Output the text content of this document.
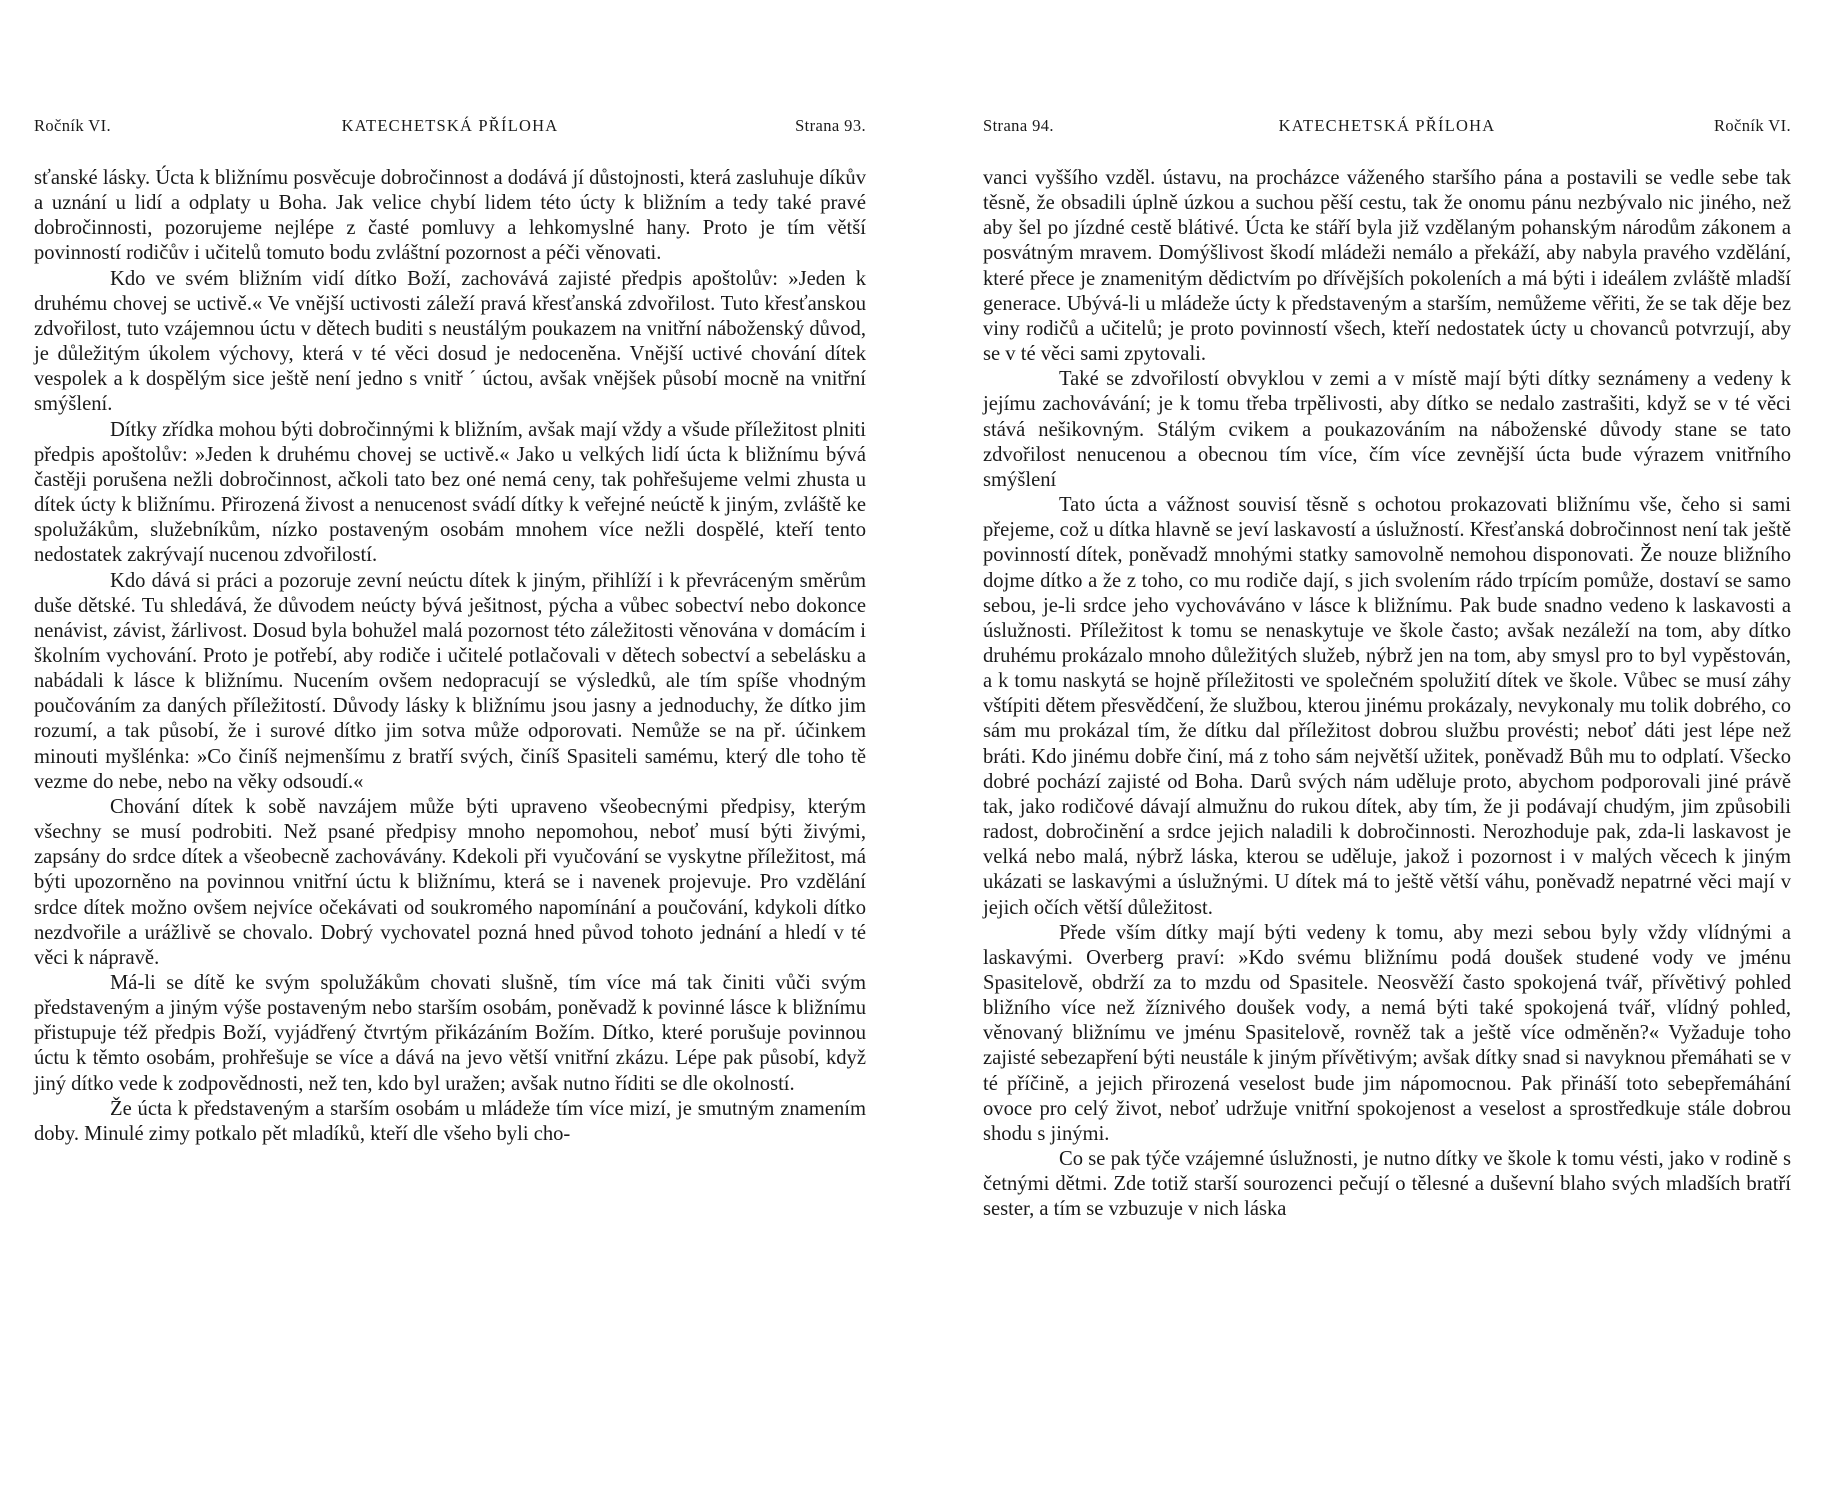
Ročník VI.	KATECHETSKÁ PŘÍLOHA	Strana 93.

sťanské lásky. Úcta k bližnímu posvěcuje dobročinnost a dodává jí důstojnosti, která zasluhuje díkův a uznání u lidí a odplaty u Boha. Jak velice chybí lidem této úcty k bližním a tedy také pravé dobročinnosti, pozorujeme nejlépe z časté pomluvy a lehkomyslné hany. Proto je tím větší povinností rodičův i učitelů tomuto bodu zvláštní pozornost a péči věnovati.

Kdo ve svém bližním vidí dítko Boží, zachovává zajisté předpis apoštolův: »Jeden k druhému chovej se uctivě.« Ve vnější uctivosti záleží pravá křesťanská zdvořilost. Tuto křesťanskou zdvořilost, tuto vzájemnou úctu v dětech buditi s neustálým poukazem na vnitřní náboženský důvod, je důležitým úkolem výchovy, která v té věci dosud je nedoceněna. Vnější uctivé chování dítek vespolek a k dospělým sice ještě není jedno s vnitř ´ úctou, avšak vnějšek působí mocně na vnitřní smýšlení.

Dítky zřídka mohou býti dobročinnými k bližním, avšak mají vždy a všude příležitost plniti předpis apoštolův: »Jeden k druhému chovej se uctivě.« Jako u velkých lidí úcta k bližnímu bývá častěji porušena nežli dobročinnost, ačkoli tato bez oné nemá ceny, tak pohřešujeme velmi zhusta u dítek úcty k bližnímu. Přirozená živost a nenucenost svádí dítky k veřejné neúctě k jiným, zvláště ke spolužákům, služebníkům, nízko postaveným osobám mnohem více nežli dospělé, kteří tento nedostatek zakrývají nucenou zdvořilostí.

Kdo dává si práci a pozoruje zevní neúctu dítek k jiným, přihlíží i k převráceným směrům duše dětské. Tu shledává, že důvodem neúcty bývá ješitnost, pýcha a vůbec sobectví nebo dokonce nenávist, závist, žárlivost. Dosud byla bohužel malá pozornost této záležitosti věnována v domácím i školním vychování. Proto je potřebí, aby rodiče i učitelé potlačovali v dětech sobectví a sebelásku a nabádali k lásce k bližnímu. Nucením ovšem nedopracují se výsledků, ale tím spíše vhodným poučováním za daných příležitostí. Důvody lásky k bližnímu jsou jasny a jednoduchy, že dítko jim rozumí, a tak působí, že i surové dítko jim sotva může odporovati. Nemůže se na př. účinkem minouti myšlénka: »Co činíš nejmenšímu z bratří svých, činíš Spasiteli samému, který dle toho tě vezme do nebe, nebo na věky odsoudí.«

Chování dítek k sobě navzájem může býti upraveno všeobecnými předpisy, kterým všechny se musí podrobiti. Než psané předpisy mnoho nepomohou, neboť musí býti živými, zapsány do srdce dítek a všeobecně zachovávány. Kdekoli při vyučování se vyskytne příležitost, má býti upozorněno na povinnou vnitřní úctu k bližnímu, která se i navenek projevuje. Pro vzdělání srdce dítek možno ovšem nejvíce očekávati od soukromého napomínání a poučování, kdykoli dítko nezdvořile a urážlivě se chovalo. Dobrý vychovatel pozná hned původ tohoto jednání a hledí v té věci k nápravě.

Má-li se dítě ke svým spolužákům chovati slušně, tím více má tak činiti vůči svým představeným a jiným výše postaveným nebo starším osobám, poněvadž k povinné lásce k bližnímu přistupuje též předpis Boží, vyjádřený čtvrtým přikázáním Božím. Dítko, které porušuje povinnou úctu k těmto osobám, prohřešuje se více a dává na jevo větší vnitřní zkázu. Lépe pak působí, když jiný dítko vede k zodpovědnosti, než ten, kdo byl uražen; avšak nutno říditi se dle okolností.

Že úcta k představeným a starším osobám u mládeže tím více mizí, je smutným znamením doby. Minulé zimy potkalo pět mladíků, kteří dle všeho byli cho-

Strana 94.	KATECHETSKÁ PŘÍLOHA	Ročník VI.

vanci vyššího vzděl. ústavu, na procházce váženého staršího pána a postavili se vedle sebe tak těsně, že obsadili úplně úzkou a suchou pěší cestu, tak že onomu pánu nezbývalo nic jiného, než aby šel po jízdné cestě blátivé. Úcta ke stáří byla již vzdělaným pohanským národům zákonem a posvátným mravem. Domýšlivost škodí mládeži nemálo a překáží, aby nabyla pravého vzdělání, které přece je znamenitým dědictvím po dřívějších pokoleních a má býti i ideálem zvláště mladší generace. Ubývá-li u mládeže úcty k představeným a starším, nemůžeme věřiti, že se tak děje bez viny rodičů a učitelů; je proto povinností všech, kteří nedostatek úcty u chovanců potvrzují, aby se v té věci sami zpytovali.

Také se zdvořilostí obvyklou v zemi a v místě mají býti dítky seznámeny a vedeny k jejímu zachovávání; je k tomu třeba trpělivosti, aby dítko se nedalo zastrašiti, když se v té věci stává nešikovným. Stálým cvikem a poukazováním na náboženské důvody stane se tato zdvořilost nenucenou a obecnou tím více, čím více zevnější úcta bude výrazem vnitřního smýšlení

Tato úcta a vážnost souvisí těsně s ochotou prokazovati bližnímu vše, čeho si sami přejeme, což u dítka hlavně se jeví laskavostí a úslužností. Křesťanská dobročinnost není tak ještě povinností dítek, poněvadž mnohými statky samovolně nemohou disponovati. Že nouze bližního dojme dítko a že z toho, co mu rodiče dají, s jich svolením rádo trpícím pomůže, dostaví se samo sebou, je-li srdce jeho vychováváno v lásce k bližnímu. Pak bude snadno vedeno k laskavosti a úslužnosti. Příležitost k tomu se nenaskytuje ve škole často; avšak nezáleží na tom, aby dítko druhému prokázalo mnoho důležitých služeb, nýbrž jen na tom, aby smysl pro to byl vypěstován, a k tomu naskytá se hojně příležitosti ve společném spolužití dítek ve škole. Vůbec se musí záhy vštípiti dětem přesvědčení, že službou, kterou jinému prokázaly, nevykonaly mu tolik dobrého, co sám mu prokázal tím, že dítku dal příležitost dobrou službu provésti; neboť dáti jest lépe než bráti. Kdo jinému dobře činí, má z toho sám největší užitek, poněvadž Bůh mu to odplatí. Všecko dobré pochází zajisté od Boha. Darů svých nám uděluje proto, abychom podporovali jiné právě tak, jako rodičové dávají almužnu do rukou dítek, aby tím, že ji podávají chudým, jim způsobili radost, dobročinění a srdce jejich naladili k dobročinnosti. Nerozhoduje pak, zda-li laskavost je velká nebo malá, nýbrž láska, kterou se uděluje, jakož i pozornost i v malých věcech k jiným ukázati se laskavými a úslužnými. U dítek má to ještě větší váhu, poněvadž nepatrné věci mají v jejich očích větší důležitost.

Přede vším dítky mají býti vedeny k tomu, aby mezi sebou byly vždy vlídnými a laskavými. Overberg praví: »Kdo svému bližnímu podá doušek studené vody ve jménu Spasitelově, obdrží za to mzdu od Spasitele. Neosvěží často spokojená tvář, přívětivý pohled bližního více než žíznivého doušek vody, a nemá býti také spokojená tvář, vlídný pohled, věnovaný bližnímu ve jménu Spasitelově, rovněž tak a ještě více odměněn?« Vyžaduje toho zajisté sebezapření býti neustále k jiným přívětivým; avšak dítky snad si navyknou přemáhati se v té příčině, a jejich přirozená veselost bude jim nápomocnou. Pak přináší toto sebepřemáhání ovoce pro celý život, neboť udržuje vnitřní spokojenost a veselost a sprostředkuje stále dobrou shodu s jinými.

Co se pak týče vzájemné úslužnosti, je nutno dítky ve škole k tomu vésti, jako v rodině s četnými dětmi. Zde totiž starší sourozenci pečují o tělesné a duševní blaho svých mladších bratří sester, a tím se vzbuzuje v nich láska
